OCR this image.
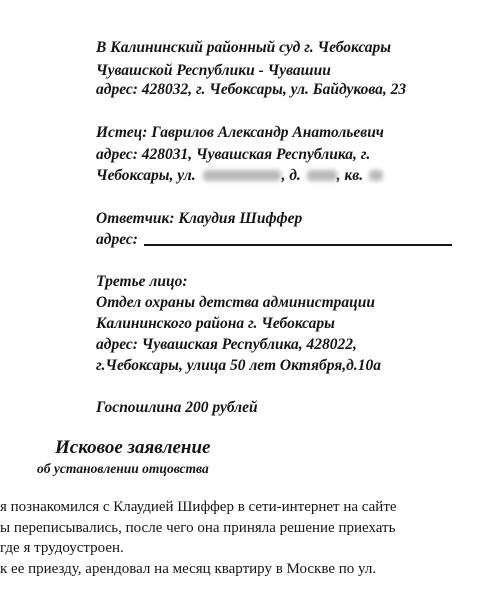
В Калининский районный суд г. Чебоксары
Чувашской Республики - Чувашии
адрес: 428032, г. Чебоксары, ул. Байдукова, 23
Истец: Гаврилов Александр Анатольевич
адрес: 428031, Чувашская Республика, г.
Чебоксары, ул.	, д. , кв.
Ответчик: Клаудия Шиффер
адрес:
Третье лицо:
Отдел охраны детства администрации
Калининского района г. Чебоксары
адрес: Чувашская Республика, 428022,
г.Чебоксары, улица 50 лет Октября,д.10а
Госпошлина 200 рублей
Исковое заявление
об установлении отцовства
я познакомился с Клаудией Шиффер в сети-интернет на сайте
ы переписывались, после чего она приняла решение приехать
где я трудоустроен.
к ее приезду, арендовал на месяц квартиру в Москве по ул.
